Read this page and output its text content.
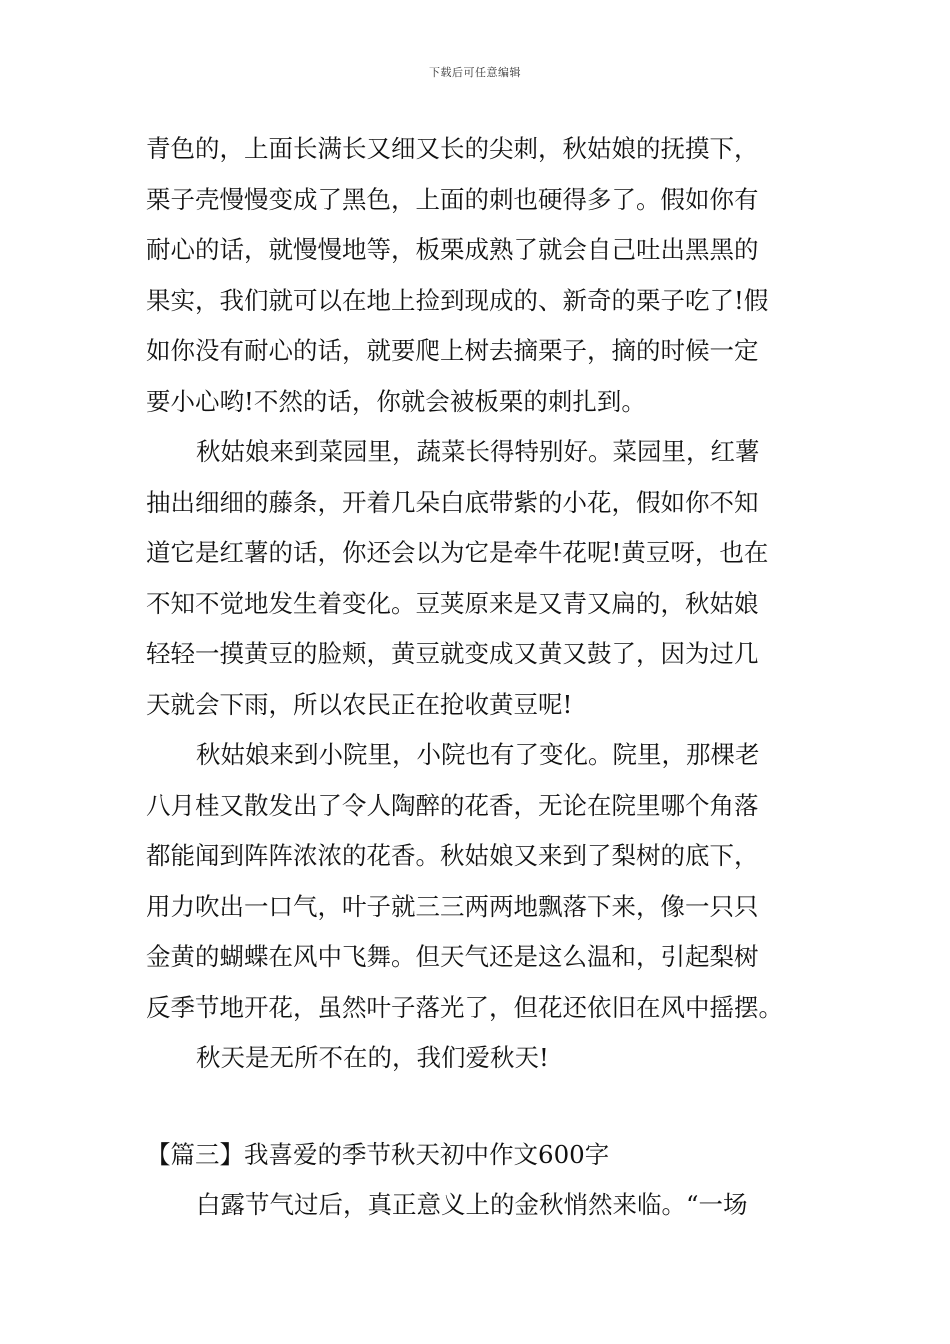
下载后可任意编辑
青色的，上面长满长又细又长的尖刺，秋姑娘的抚摸下，
栗子壳慢慢变成了黑色，上面的刺也硬得多了。假如你有
耐心的话，就慢慢地等，板栗成熟了就会自己吐出黑黑的
果实，我们就可以在地上捡到现成的、新奇的栗子吃了!假
如你没有耐心的话，就要爬上树去摘栗子，摘的时候一定
要小心哟!不然的话，你就会被板栗的刺扎到。
秋姑娘来到菜园里，蔬菜长得特别好。菜园里，红薯
抽出细细的藤条，开着几朵白底带紫的小花，假如你不知
道它是红薯的话，你还会以为它是牵牛花呢!黄豆呀，也在
不知不觉地发生着变化。豆荚原来是又青又扁的，秋姑娘
轻轻一摸黄豆的脸颊，黄豆就变成又黄又鼓了，因为过几
天就会下雨，所以农民正在抢收黄豆呢!
秋姑娘来到小院里，小院也有了变化。院里，那棵老
八月桂又散发出了令人陶醉的花香，无论在院里哪个角落
都能闻到阵阵浓浓的花香。秋姑娘又来到了梨树的底下，
用力吹出一口气，叶子就三三两两地飘落下来，像一只只
金黄的蝴蝶在风中飞舞。但天气还是这么温和，引起梨树
反季节地开花，虽然叶子落光了，但花还依旧在风中摇摆。
秋天是无所不在的，我们爱秋天!
【篇三】我喜爱的季节秋天初中作文600字
白露节气过后，真正意义上的金秋悄然来临。“一场
